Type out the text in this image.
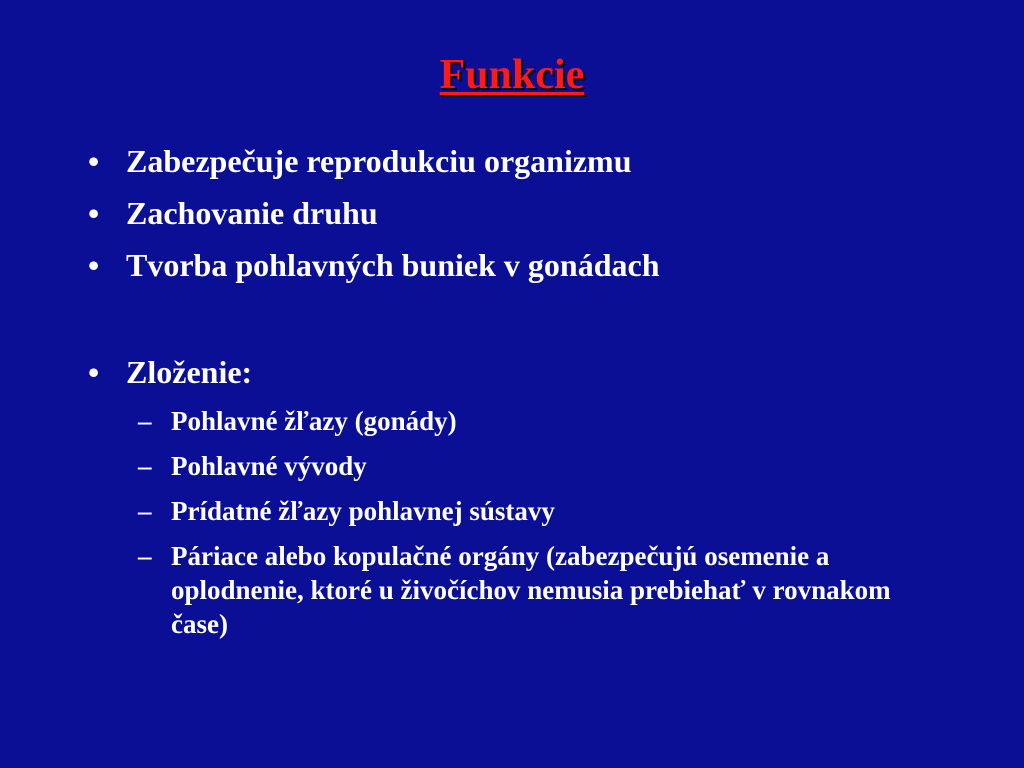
Funkcie
• Zabezpečuje reprodukciu organizmu
• Zachovanie druhu
• Tvorba pohlavných buniek v gonádach
• Zloženie:
– Pohlavné žľazy (gonády)
– Pohlavné vývody
– Prídatné žľazy pohlavnej sústavy
– Páriace alebo kopulačné orgány (zabezpečujú osemenie a oplodnenie, ktoré u živočíchov nemusia prebiehať v rovnakom čase)
